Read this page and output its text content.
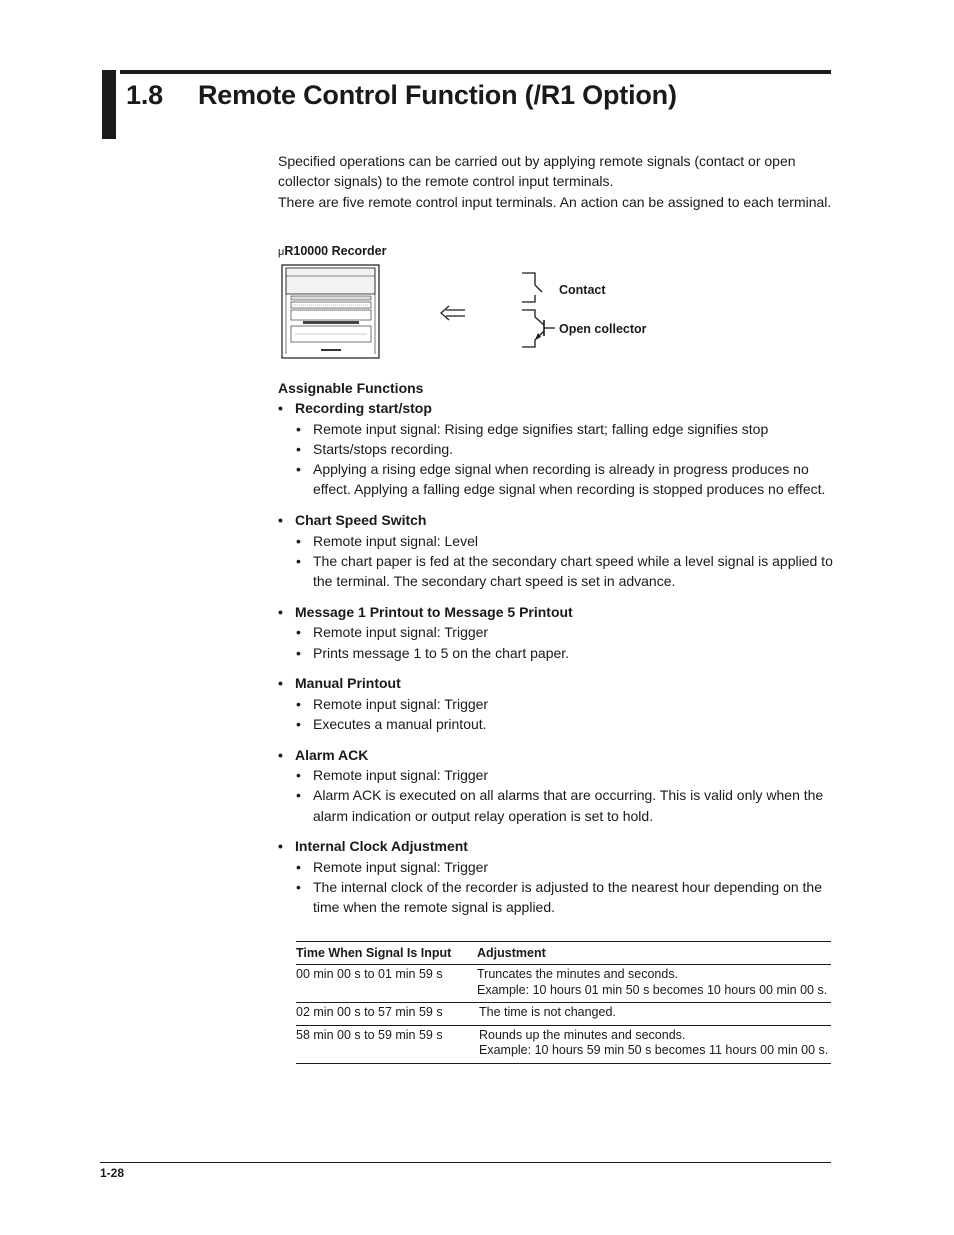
1.8 Remote Control Function (/R1 Option)

Specified operations can be carried out by applying remote signals (contact or open collector signals) to the remote control input terminals.

There are five remote control input terminals. An action can be assigned to each terminal.

μR10000 Recorder
Contact
Open collector
Assignable Functions
• Recording start/stop
• Remote input signal: Rising edge signifies start; falling edge signifies stop
• Starts/stops recording.
• Applying a rising edge signal when recording is already in progress produces no effect. Applying a falling edge signal when recording is stopped produces no effect.
• Chart Speed Switch
• Remote input signal: Level
• The chart paper is fed at the secondary chart speed while a level signal is applied to the terminal. The secondary chart speed is set in advance.
• Message 1 Printout to Message 5 Printout
• Remote input signal: Trigger
• Prints message 1 to 5 on the chart paper.
• Manual Printout
• Remote input signal: Trigger
• Executes a manual printout.
• Alarm ACK
• Remote input signal: Trigger
• Alarm ACK is executed on all alarms that are occurring. This is valid only when the alarm indication or output relay operation is set to hold.
• Internal Clock Adjustment
• Remote input signal: Trigger
• The internal clock of the recorder is adjusted to the nearest hour depending on the time when the remote signal is applied.
Time When Signal Is Input	Adjustment
00 min 00 s to 01 min 59 s	Truncates the minutes and seconds.
Example: 10 hours 01 min 50 s becomes 10 hours 00 min 00 s.

02 min 00 s to 57 min 59 s	The time is not changed.

58 min 00 s to 59 min 59 s	Rounds up the minutes and seconds.
Example: 10 hours 59 min 50 s becomes 11 hours 00 min 00 s.
1-28
